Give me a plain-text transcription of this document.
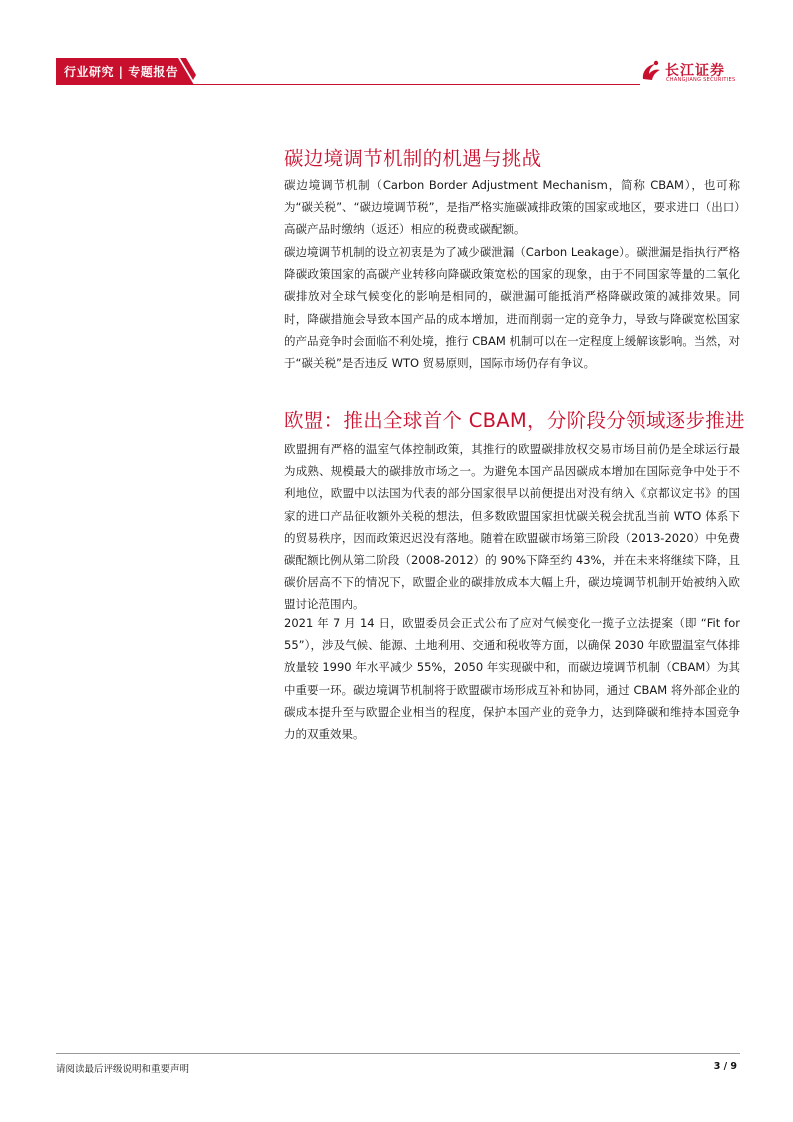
行业研究 | 专题报告	长江证券
CHANGJIANG SECURITIES
碳边境调节机制的机遇与挑战
碳边境调节机制（Carbon Border Adjustment Mechanism，简称 CBAM），也可称为“碳关税”、“碳边境调节税”，是指严格实施碳减排政策的国家或地区，要求进口（出口）高碳产品时缴纳（返还）相应的税费或碳配额。
碳边境调节机制的设立初衷是为了减少碳泄漏（Carbon Leakage）。碳泄漏是指执行严格降碳政策国家的高碳产业转移向降碳政策宽松的国家的现象，由于不同国家等量的二氧化碳排放对全球气候变化的影响是相同的，碳泄漏可能抵消严格降碳政策的减排效果。同时，降碳措施会导致本国产品的成本增加，进而削弱一定的竞争力，导致与降碳宽松国家的产品竞争时会面临不利处境，推行 CBAM 机制可以在一定程度上缓解该影响。当然，对于“碳关税”是否违反 WTO 贸易原则，国际市场仍存有争议。
欧盟：推出全球首个 CBAM，分阶段分领域逐步推进
欧盟拥有严格的温室气体控制政策，其推行的欧盟碳排放权交易市场目前仍是全球运行最为成熟、规模最大的碳排放市场之一。为避免本国产品因碳成本增加在国际竞争中处于不利地位，欧盟中以法国为代表的部分国家很早以前便提出对没有纳入《京都议定书》的国家的进口产品征收额外关税的想法，但多数欧盟国家担忧碳关税会扰乱当前 WTO 体系下的贸易秩序，因而政策迟迟没有落地。随着在欧盟碳市场第三阶段（2013-2020）中免费碳配额比例从第二阶段（2008-2012）的 90%下降至约 43%，并在未来将继续下降，且碳价居高不下的情况下，欧盟企业的碳排放成本大幅上升，碳边境调节机制开始被纳入欧盟讨论范围内。
2021 年 7 月 14 日，欧盟委员会正式公布了应对气候变化一揽子立法提案（即 “Fit for 55”），涉及气候、能源、土地利用、交通和税收等方面，以确保 2030 年欧盟温室气体排放量较 1990 年水平减少 55%，2050 年实现碳中和，而碳边境调节机制（CBAM）为其中重要一环。碳边境调节机制将于欧盟碳市场形成互补和协同，通过 CBAM 将外部企业的碳成本提升至与欧盟企业相当的程度，保护本国产业的竞争力，达到降碳和维持本国竞争力的双重效果。
请阅读最后评级说明和重要声明	3 / 9
